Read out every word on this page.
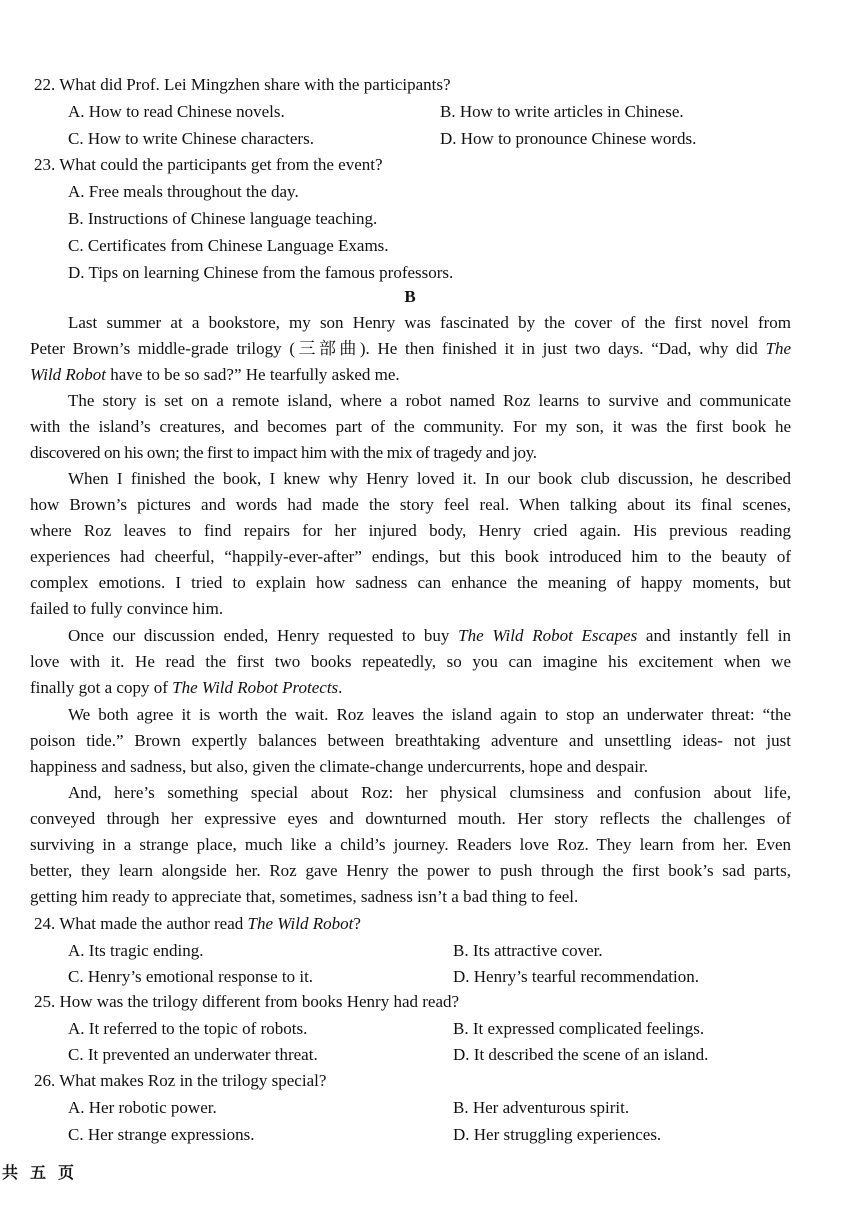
22. What did Prof. Lei Mingzhen share with the participants?
A. How to read Chinese novels.	B. How to write articles in Chinese.
C. How to write Chinese characters.	D. How to pronounce Chinese words.
23. What could the participants get from the event?
A. Free meals throughout the day.
B. Instructions of Chinese language teaching.
C. Certificates from Chinese Language Exams.
D. Tips on learning Chinese from the famous professors.
B
Last summer at a bookstore, my son Henry was fascinated by the cover of the first novel from
Peter Brown’s middle-grade trilogy (三部曲). He then finished it in just two days. “Dad, why did The
Wild Robot have to be so sad?” He tearfully asked me.
The story is set on a remote island, where a robot named Roz learns to survive and communicate
with the island’s creatures, and becomes part of the community. For my son, it was the first book he
discovered on his own; the first to impact him with the mix of tragedy and joy.
When I finished the book, I knew why Henry loved it. In our book club discussion, he described
how Brown’s pictures and words had made the story feel real. When talking about its final scenes,
where Roz leaves to find repairs for her injured body, Henry cried again. His previous reading
experiences had cheerful, “happily-ever-after” endings, but this book introduced him to the beauty of
complex emotions. I tried to explain how sadness can enhance the meaning of happy moments, but
failed to fully convince him.
Once our discussion ended, Henry requested to buy The Wild Robot Escapes and instantly fell in
love with it. He read the first two books repeatedly, so you can imagine his excitement when we
finally got a copy of The Wild Robot Protects.
We both agree it is worth the wait. Roz leaves the island again to stop an underwater threat: “the
poison tide.” Brown expertly balances between breathtaking adventure and unsettling ideas- not just
happiness and sadness, but also, given the climate-change undercurrents, hope and despair.
And, here’s something special about Roz: her physical clumsiness and confusion about life,
conveyed through her expressive eyes and downturned mouth. Her story reflects the challenges of
surviving in a strange place, much like a child’s journey. Readers love Roz. They learn from her. Even
better, they learn alongside her. Roz gave Henry the power to push through the first book’s sad parts,
getting him ready to appreciate that, sometimes, sadness isn’t a bad thing to feel.
24. What made the author read The Wild Robot?
A. Its tragic ending.	B. Its attractive cover.
C. Henry’s emotional response to it.	D. Henry’s tearful recommendation.
25. How was the trilogy different from books Henry had read?
A. It referred to the topic of robots.	B. It expressed complicated feelings.
C. It prevented an underwater threat.	D. It described the scene of an island.
26. What makes Roz in the trilogy special?
A. Her robotic power.	B. Her adventurous spirit.
C. Her strange expressions.	D. Her struggling experiences.
共 五 页
